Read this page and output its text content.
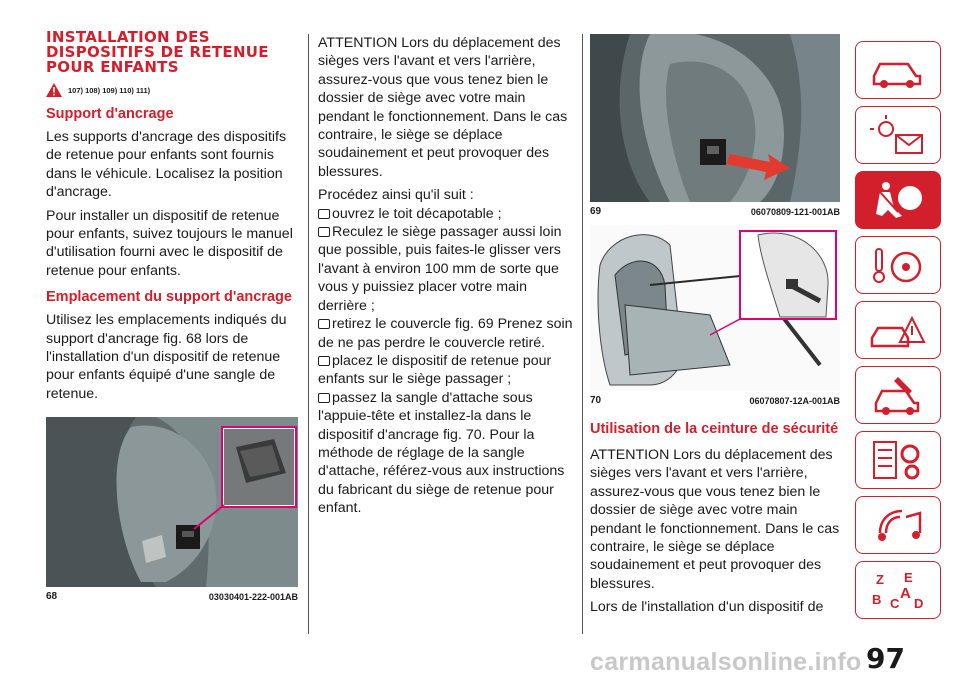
INSTALLATION DES DISPOSITIFS DE RETENUE POUR ENFANTS
107) 108) 109) 110) 111)
Support d'ancrage
Les supports d'ancrage des dispositifs de retenue pour enfants sont fournis dans le véhicule. Localisez la position d'ancrage.
Pour installer un dispositif de retenue pour enfants, suivez toujours le manuel d'utilisation fourni avec le dispositif de retenue pour enfants.
Emplacement du support d'ancrage
Utilisez les emplacements indiqués du support d'ancrage fig. 68 lors de l'installation d'un dispositif de retenue pour enfants équipé d'une sangle de retenue.
68	03030401-222-001AB
ATTENTION Lors du déplacement des sièges vers l'avant et vers l'arrière, assurez-vous que vous tenez bien le dossier de siège avec votre main pendant le fonctionnement. Dans le cas contraire, le siège se déplace soudainement et peut provoquer des blessures.
Procédez ainsi qu'il suit :
ouvrez le toit décapotable ;
Reculez le siège passager aussi loin que possible, puis faites-le glisser vers l'avant à environ 100 mm de sorte que vous y puissiez placer votre main derrière ;
retirez le couvercle fig. 69 Prenez soin de ne pas perdre le couvercle retiré.
placez le dispositif de retenue pour enfants sur le siège passager ;
passez la sangle d'attache sous l'appuie-tête et installez-la dans le dispositif d'ancrage fig. 70. Pour la méthode de réglage de la sangle d'attache, référez-vous aux instructions du fabricant du siège de retenue pour enfant.
69	06070809-121-001AB
70	06070807-12A-001AB
Utilisation de la ceinture de sécurité
ATTENTION Lors du déplacement des sièges vers l'avant et vers l'arrière, assurez-vous que vous tenez bien le dossier de siège avec votre main pendant le fonctionnement. Dans le cas contraire, le siège se déplace soudainement et peut provoquer des blessures.
Lors de l'installation d'un dispositif de
Z E
B C
A
D
carmanualsonline.info 97
